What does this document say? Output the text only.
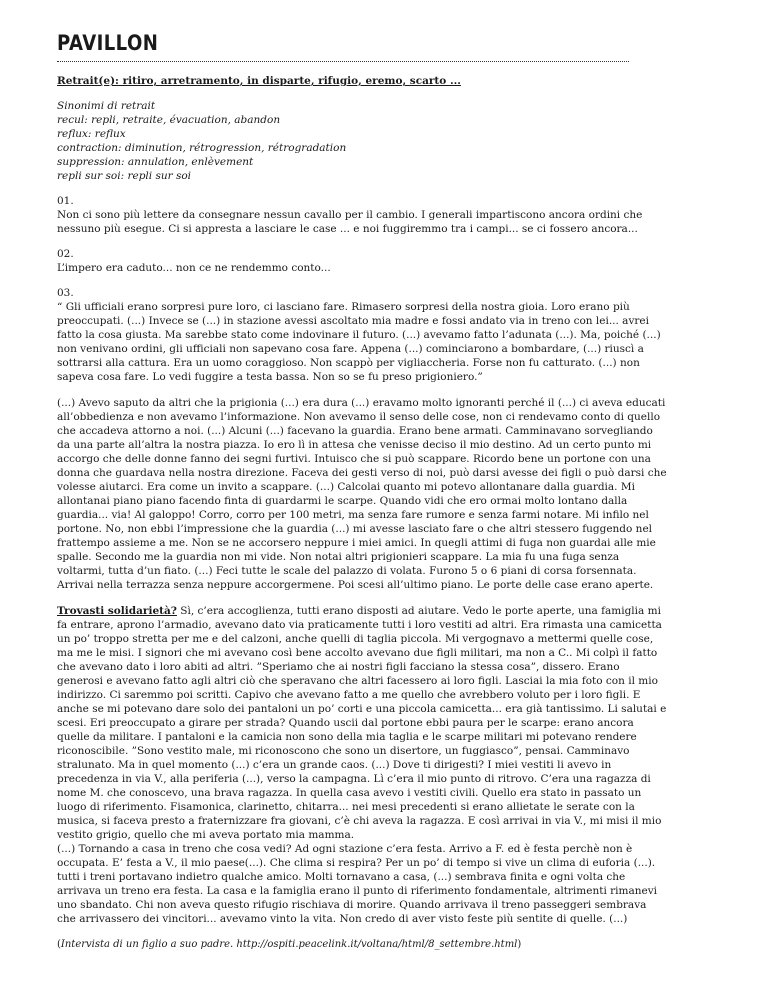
PAVILLON

Retrait(e): ritiro, arretramento, in disparte, rifugio, eremo, scarto ...

Sinonimi di retrait
recul: repli, retraite, évacuation, abandon
reflux: reflux
contraction: diminution, rétrogression, rétrogradation
suppression: annulation, enlèvement
repli sur soi: repli sur soi
01.

Non ci sono più lettere da consegnare nessun cavallo per il cambio. I generali impartiscono ancora ordini che nessuno più esegue. Ci si appresta a lasciare le case ... e noi fuggiremmo tra i campi... se ci fossero ancora...

02.

L’impero era caduto... non ce ne rendemmo conto...

03.

“ Gli ufficiali erano sorpresi pure loro, ci lasciano fare. Rimasero sorpresi della nostra gioia. Loro erano più preoccupati. (...) Invece se (...) in stazione avessi ascoltato mia madre e fossi andato via in treno con lei... avrei fatto la cosa giusta. Ma sarebbe stato come indovinare il futuro. (...) avevamo fatto l’adunata (...). Ma, poiché (...) non venivano ordini, gli ufficiali non sapevano cosa fare. Appena (...) cominciarono a bombardare, (...) riuscì a sottrarsi alla cattura. Era un uomo coraggioso. Non scappò per vigliaccheria. Forse non fu catturato. (...) non sapeva cosa fare. Lo vedi fuggire a testa bassa. Non so se fu preso prigioniero.”

(...) Avevo saputo da altri che la prigionia (...) era dura (...) eravamo molto ignoranti perché il (...) ci aveva educati all’obbedienza e non avevamo l’informazione. Non avevamo il senso delle cose, non ci rendevamo conto di quello che accadeva attorno a noi. (...) Alcuni (...) facevano la guardia. Erano bene armati. Camminavano sorvegliando da una parte all’altra la nostra piazza. Io ero lì in attesa che venisse deciso il mio destino. Ad un certo punto mi accorgo che delle donne fanno dei segni furtivi. Intuisco che si può scappare. Ricordo bene un portone con una donna che guardava nella nostra direzione. Faceva dei gesti verso di noi, può darsi avesse dei figli o può darsi che volesse aiutarci. Era come un invito a scappare. (...) Calcolai quanto mi potevo allontanare dalla guardia. Mi allontanai piano piano facendo finta di guardarmi le scarpe. Quando vidi che ero ormai molto lontano dalla guardia... via! Al galoppo! Corro, corro per 100 metri, ma senza fare rumore e senza farmi notare. Mi infilo nel portone. No, non ebbi l’impressione che la guardia (...) mi avesse lasciato fare o che altri stessero fuggendo nel frattempo assieme a me. Non se ne accorsero neppure i miei amici. In quegli attimi di fuga non guardai alle mie spalle. Secondo me la guardia non mi vide. Non notai altri prigionieri scappare. La mia fu una fuga senza voltarmi, tutta d’un fiato. (...) Feci tutte le scale del palazzo di volata. Furono 5 o 6 piani di corsa forsennata. Arrivai nella terrazza senza neppure accorgermene. Poi scesi all’ultimo piano. Le porte delle case erano aperte.

Trovasti solidarietà? Sì, c’era accoglienza, tutti erano disposti ad aiutare. Vedo le porte aperte, una famiglia mi fa entrare, aprono l’armadio, avevano dato via praticamente tutti i loro vestiti ad altri. Era rimasta una camicetta un po’ troppo stretta per me e del calzoni, anche quelli di taglia piccola. Mi vergognavo a mettermi quelle cose, ma me le misi. I signori che mi avevano così bene accolto avevano due figli militari, ma non a C.. Mi colpì il fatto che avevano dato i loro abiti ad altri. ”Speriamo che ai nostri figli facciano la stessa cosa”, dissero. Erano generosi e avevano fatto agli altri ciò che speravano che altri facessero ai loro figli. Lasciai la mia foto con il mio indirizzo. Ci saremmo poi scritti. Capivo che avevano fatto a me quello che avrebbero voluto per i loro figli. E anche se mi potevano dare solo dei pantaloni un po’ corti e una piccola camicetta... era già tantissimo. Li salutai e scesi. Eri preoccupato a girare per strada? Quando uscii dal portone ebbi paura per le scarpe: erano ancora quelle da militare. I pantaloni e la camicia non sono della mia taglia e le scarpe militari mi potevano rendere riconoscibile. ”Sono vestito male, mi riconoscono che sono un disertore, un fuggiasco”, pensai. Camminavo stralunato. Ma in quel momento (...) c’era un grande caos. (...) Dove ti dirigesti? I miei vestiti li avevo in precedenza in via V., alla periferia (...), verso la campagna. Lì c’era il mio punto di ritrovo. C’era una ragazza di nome M. che conoscevo, una brava ragazza. In quella casa avevo i vestiti civili. Quello era stato in passato un luogo di riferimento. Fisamonica, clarinetto, chitarra... nei mesi precedenti si erano allietate le serate con la musica, si faceva presto a fraternizzare fra giovani, c’è chi aveva la ragazza. E così arrivai in via V., mi misi il mio vestito grigio, quello che mi aveva portato mia mamma.

(...) Tornando a casa in treno che cosa vedi? Ad ogni stazione c’era festa. Arrivo a F. ed è festa perchè non è occupata. E’ festa a V., il mio paese(...). Che clima si respira? Per un po’ di tempo si vive un clima di euforia (...). tutti i treni portavano indietro qualche amico. Molti tornavano a casa, (...) sembrava finita e ogni volta che arrivava un treno era festa. La casa e la famiglia erano il punto di riferimento fondamentale, altrimenti rimanevi uno sbandato. Chi non aveva questo rifugio rischiava di morire. Quando arrivava il treno passeggeri sembrava che arrivassero dei vincitori... avevamo vinto la vita. Non credo di aver visto feste più sentite di quelle. (...)

(Intervista di un figlio a suo padre. http://ospiti.peacelink.it/voltana/html/8_settembre.html)
